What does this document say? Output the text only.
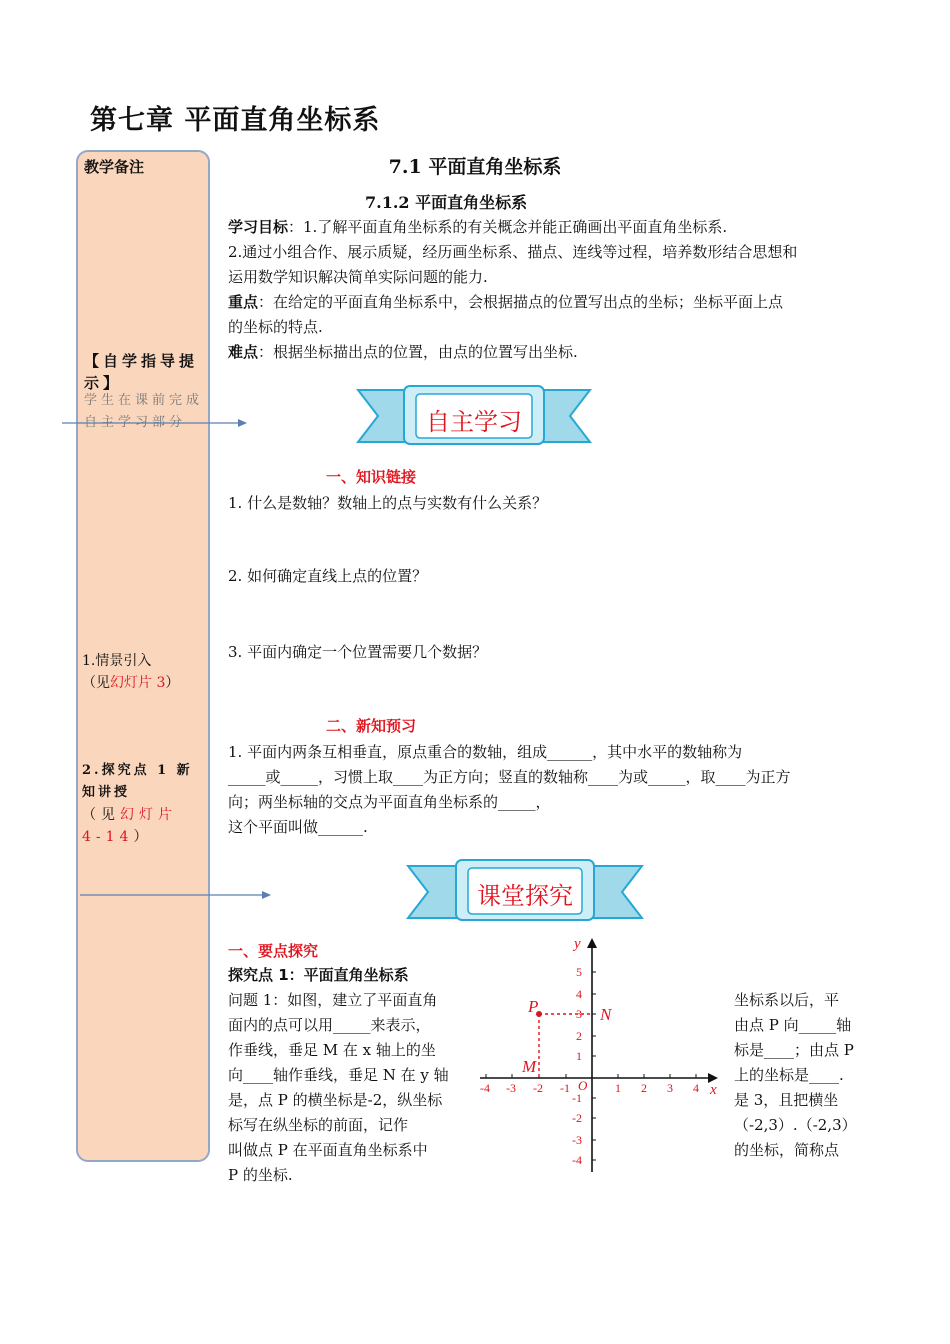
第七章 平面直角坐标系
教学备注
【自学指导提示】
学生在课前完成自主学习部分
1.情景引入
（见幻灯片 3）
2.探究点 1 新知讲授
（见幻灯片 4-14）
7.1 平面直角坐标系
7.1.2 平面直角坐标系
学习目标：1.了解平面直角坐标系的有关概念并能正确画出平面直角坐标系.
2.通过小组合作、展示质疑，经历画坐标系、描点、连线等过程，培养数形结合思想和
运用数学知识解决简单实际问题的能力.
重点：在给定的平面直角坐标系中，会根据描点的位置写出点的坐标；坐标平面上点
的坐标的特点.
难点：根据坐标描出点的位置，由点的位置写出坐标.
自主学习
一、知识链接
1. 什么是数轴？数轴上的点与实数有什么关系？
2. 如何确定直线上点的位置？
3. 平面内确定一个位置需要几个数据？
二、新知预习
1. 平面内两条互相垂直，原点重合的数轴，组成______，其中水平的数轴称为
_____或_____，习惯上取____为正方向；竖直的数轴称____为或_____，取____为正方
向；两坐标轴的交点为平面直角坐标系的_____，
这个平面叫做______.
课堂探究
一、要点探究
探究点 1：平面直角坐标系
问题 1：如图，建立了平面直角
面内的点可以用_____来表示，
作垂线，垂足 M 在 x 轴上的坐
向____轴作垂线，垂足 N 在 y 轴
是，点 P 的横坐标是-2，纵坐标
标写在纵坐标的前面，记作
叫做点 P 在平面直角坐标系中
P 的坐标.
坐标系以后，平
由点 P 向_____轴
标是____；由点 P
上的坐标是____.
是 3，且把横坐
（-2,3）.（-2,3）
的坐标，简称点
-4 -3 -2 -1	1 2 3 4
5
4
3
2
1
-1
-2
-3
-4
x
y
O
P
M
N
